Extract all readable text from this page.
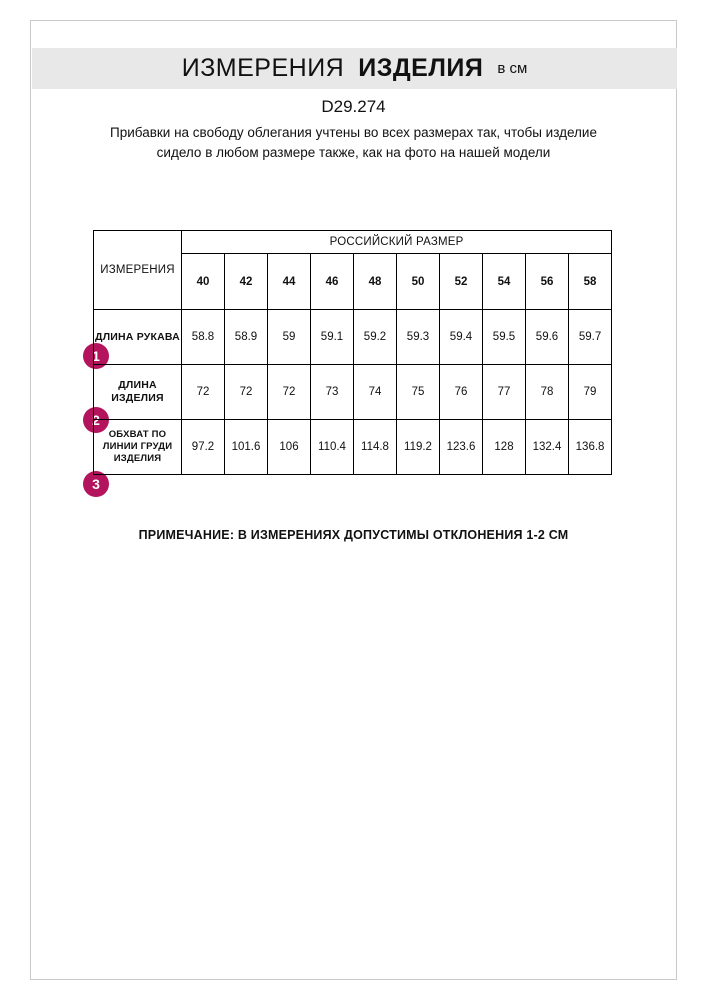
ИЗМЕРЕНИЯ ИЗДЕЛИЯ в см
D29.274
Прибавки на свободу облегания учтены во всех размерах так, чтобы изделие сидело в любом размере также, как на фото на нашей модели
1
2
3
ИЗМЕРЕНИЯ	РОССИЙСКИЙ РАЗМЕР									
	40	42	44	46	48	50	52	54	56	58
ДЛИНА РУКАВА	58.8	58.9	59	59.1	59.2	59.3	59.4	59.5	59.6	59.7
ДЛИНА ИЗДЕЛИЯ	72	72	72	73	74	75	76	77	78	79
ОБХВАТ ПО ЛИНИИ ГРУДИ ИЗДЕЛИЯ	97.2	101.6	106	110.4	114.8	119.2	123.6	128	132.4	136.8
ПРИМЕЧАНИЕ: В ИЗМЕРЕНИЯХ ДОПУСТИМЫ ОТКЛОНЕНИЯ 1-2 СМ
